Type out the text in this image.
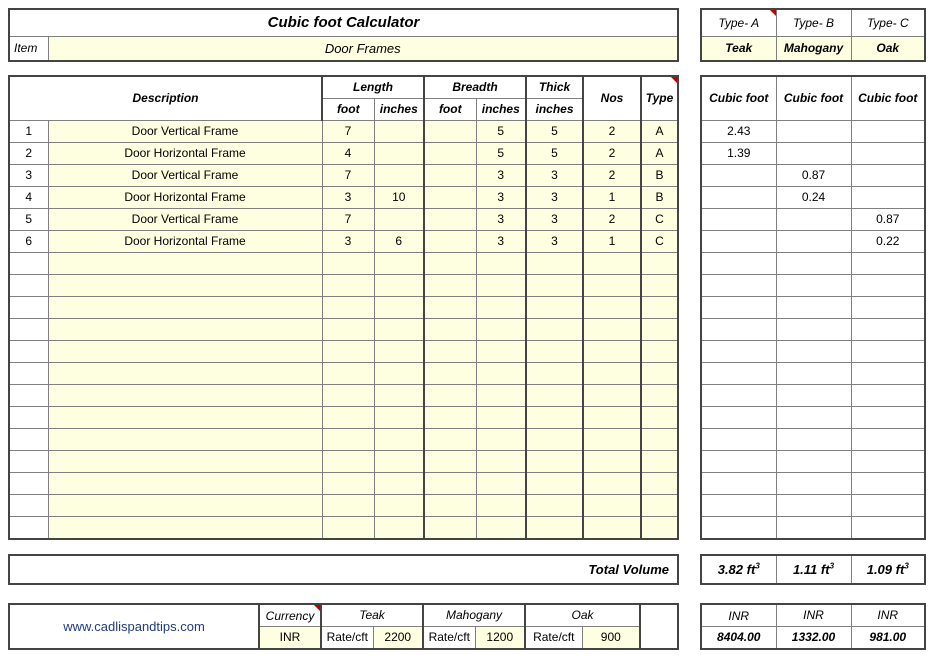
Cubic foot Calculator
Item	Door Frames
Type- A	Type- B	Type- C
Teak	Mahogany	Oak
Description		Length		Breadth		Thick	Nos	Type
		foot	inches	foot	inches	inches		
1	Door Vertical Frame	7			5	5	2	A
2	Door Horizontal Frame	4			5	5	2	A
3	Door Vertical Frame	7			3	3	2	B
4	Door Horizontal Frame	3	10		3	3	1	B
5	Door Vertical Frame	7			3	3	2	C
6	Door Horizontal Frame	3	6		3	3	1	C

Cubic foot	Cubic foot	Cubic foot
2.43		
1.39		
	0.87	
	0.24	
		0.87
		0.22

Total Volume	3.82 $ft^3$	1.11 $ft^3$	1.09 $ft^3$
www.cadlispandtips.com	Currency	Teak		Mahogany		Oak		
	INR	Rate/cft	2200	Rate/cft	1200	Rate/cft	900	
INR	INR	INR
8404.00	1332.00	981.00
